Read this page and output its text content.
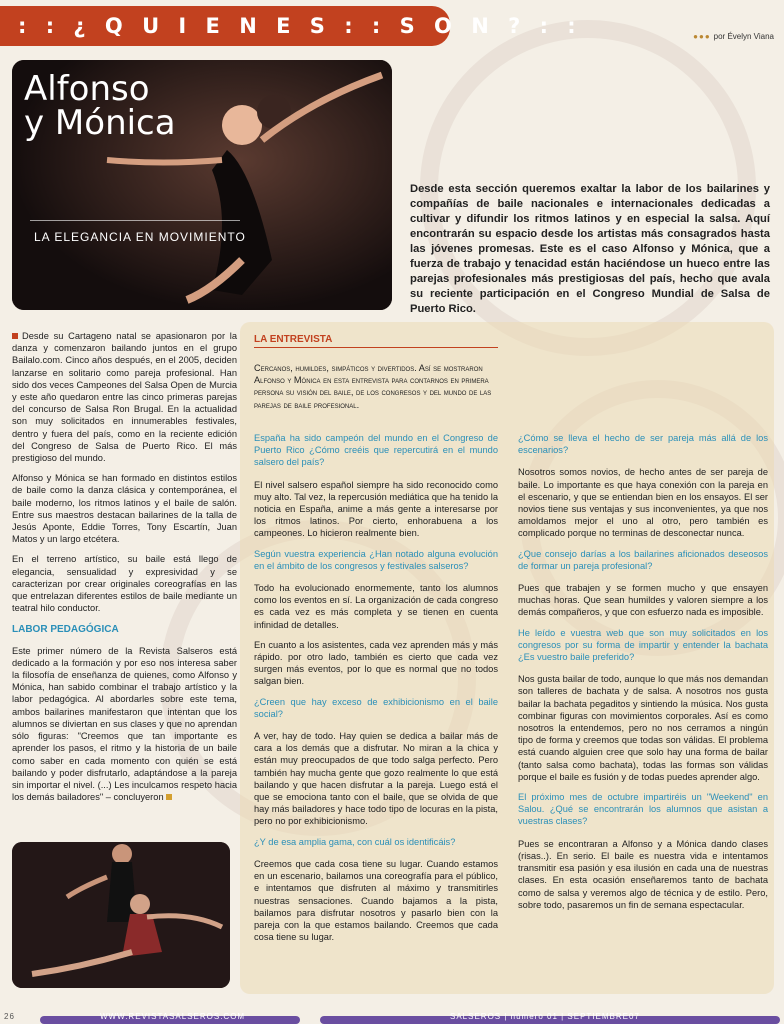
: : ¿ Q U I E N E S : : S O N ? : :	●●● por Évelyn Viana
Alfonso
y Mónica
LA ELEGANCIA EN MOVIMIENTO
Desde esta sección queremos exaltar la labor de los bailarines y compañías de baile nacionales e internacionales dedicadas a cultivar y difundir los ritmos latinos y en especial la salsa. Aquí encontrarán su espacio desde los artistas más consagrados hasta las jóvenes promesas. Este es el caso Alfonso y Mónica, que a fuerza de trabajo y tenacidad están haciéndose un hueco entre las parejas profesionales más prestigiosas del país, hecho que avala su reciente participación en el Congreso Mundial de Salsa de Puerto Rico.

Desde su Cartageno natal se apasionaron por la danza y comenzaron bailando juntos en el grupo Bailalo.com. Cinco años después, en el 2005, deciden lanzarse en solitario como pareja profesional. Han sido dos veces Campeones del Salsa Open de Murcia y este año quedaron entre las cinco primeras parejas del concurso de Salsa Ron Brugal. En la actualidad son muy solicitados en innumerables festivales, dentro y fuera del país, como en la reciente edición del Congreso de Salsa de Puerto Rico. El más prestigioso del mundo.

Alfonso y Mónica se han formado en distintos estilos de baile como la danza clásica y contemporánea, el baile moderno, los ritmos latinos y el baile de salón. Entre sus maestros destacan bailarines de la talla de Jesús Aponte, Eddie Torres, Tony Escartín, Juan Matos y un largo etcétera.

En el terreno artístico, su baile está llego de elegancia, sensualidad y expresividad y se caracterizan por crear originales coreografías en las que entrelazan diferentes estilos de baile mediante un teatral hilo conductor.

LABOR PEDAGÓGICA

Este primer número de la Revista Salseros está dedicado a la formación y por eso nos interesa saber la filosofía de enseñanza de quienes, como Alfonso y Mónica, han sabido combinar el trabajo artístico y la labor pedagógica. Al abordarles sobre este tema, ambos bailarines manifestaron que intentan que los alumnos se diviertan en sus clases y que no aprendan sólo figuras: "Creemos que tan importante es aprender los pasos, el ritmo y la historia de un baile como saber en cada momento con quién se está bailando y poder disfrutarlo, adaptándose a la pareja sin importar el nivel. (...) Les inculcamos respeto hacia los demás bailadores" – concluyeron

LA ENTREVISTA
Cercanos, humildes, simpáticos y divertidos. Así se mostraron Alfonso y Mónica en esta entrevista para contarnos en primera persona su visión del baile, de los congresos y del mundo de las parejas de baile profesional.

España ha sido campeón del mundo en el Congreso de Puerto Rico ¿Cómo creéis que repercutirá en el mundo salsero del país?

El nivel salsero español siempre ha sido reconocido como muy alto. Tal vez, la repercusión mediática que ha tenido la noticia en España, anime a más gente a interesarse por los ritmos latinos. Por cierto, enhorabuena a los campeones. Lo hicieron realmente bien.

Según vuestra experiencia ¿Han notado alguna evolución en el ámbito de los congresos y festivales salseros?

Todo ha evolucionado enormemente, tanto los alumnos como los eventos en sí. La organización de cada congreso es cada vez es más completa y se tienen en cuenta infinidad de detalles.

En cuanto a los asistentes, cada vez aprenden más y más rápido. por otro lado, también es cierto que cada vez surgen más eventos, por lo que es normal que no todos salgan bien.

¿Creen que hay exceso de exhibicionismo en el baile social?

A ver, hay de todo. Hay quien se dedica a bailar más de cara a los demás que a disfrutar. No miran a la chica y están muy preocupados de que todo salga perfecto. Pero también hay mucha gente que gozo realmente lo que está bailando y que hacen disfrutar a la pareja. Luego está el que se emociona tanto con el baile, que se olvida de que hay más bailadores y hace todo tipo de locuras en la pista, pero no por exhibicionismo.

¿Y de esa amplia gama, con cuál os identificáis?

Creemos que cada cosa tiene su lugar. Cuando estamos en un escenario, bailamos una coreografía para el público, e intentamos que disfruten al máximo y transmitirles nuestras sensaciones. Cuando bajamos a la pista, bailamos para disfrutar nosotros y pasarlo bien con la pareja con la que estamos bailando. Creemos que cada cosa tiene su lugar.

¿Cómo se lleva el hecho de ser pareja más allá de los escenarios?

Nosotros somos novios, de hecho antes de ser pareja de baile. Lo importante es que haya conexión con la pareja en el escenario, y que se entiendan bien en los ensayos. El ser novios tiene sus ventajas y sus inconvenientes, ya que nos amoldamos mejor el uno al otro, pero también es complicado porque no terminas de desconectar nunca.

¿Que consejo darías a los bailarines aficionados deseosos de formar un pareja profesional?

Pues que trabajen y se formen mucho y que ensayen muchas horas. Que sean humildes y valoren siempre a los demás compañeros, y que con esfuerzo nada es imposible.

He leído e vuestra web que son muy solicitados en los congresos por su forma de impartir y entender la bachata ¿Es vuestro baile preferido?

Nos gusta bailar de todo, aunque lo que más nos demandan son talleres de bachata y de salsa. A nosotros nos gusta bailar la bachata pegaditos y sintiendo la música. Nos gusta combinar figuras con movimientos corporales. Así es como nosotros la entendemos, pero no nos cerramos a ningún tipo de forma y creemos que todas son válidas. El problema está cuando alguien cree que solo hay una forma de bailar (tanto salsa como bachata), todas las formas son válidas porque el baile es fusión y de todas puedes aprender algo.

El próximo mes de octubre impartiréis un "Weekend" en Salou. ¿Qué se encontrarán los alumnos que asistan a vuestras clases?

Pues se encontraran a Alfonso y a Mónica dando clases (risas..). En serio. El baile es nuestra vida e intentamos transmitir esa pasión y esa ilusión en cada una de nuestras clases. En esta ocasión enseñaremos tanto de bachata como de salsa y veremos algo de técnica y de estilo. Pero, sobre todo, pasaremos un fin de semana espectacular.

26	WWW.REVISTASALSEROS.COM	SALSEROS | número 01 | SEPTIEMBRE07
